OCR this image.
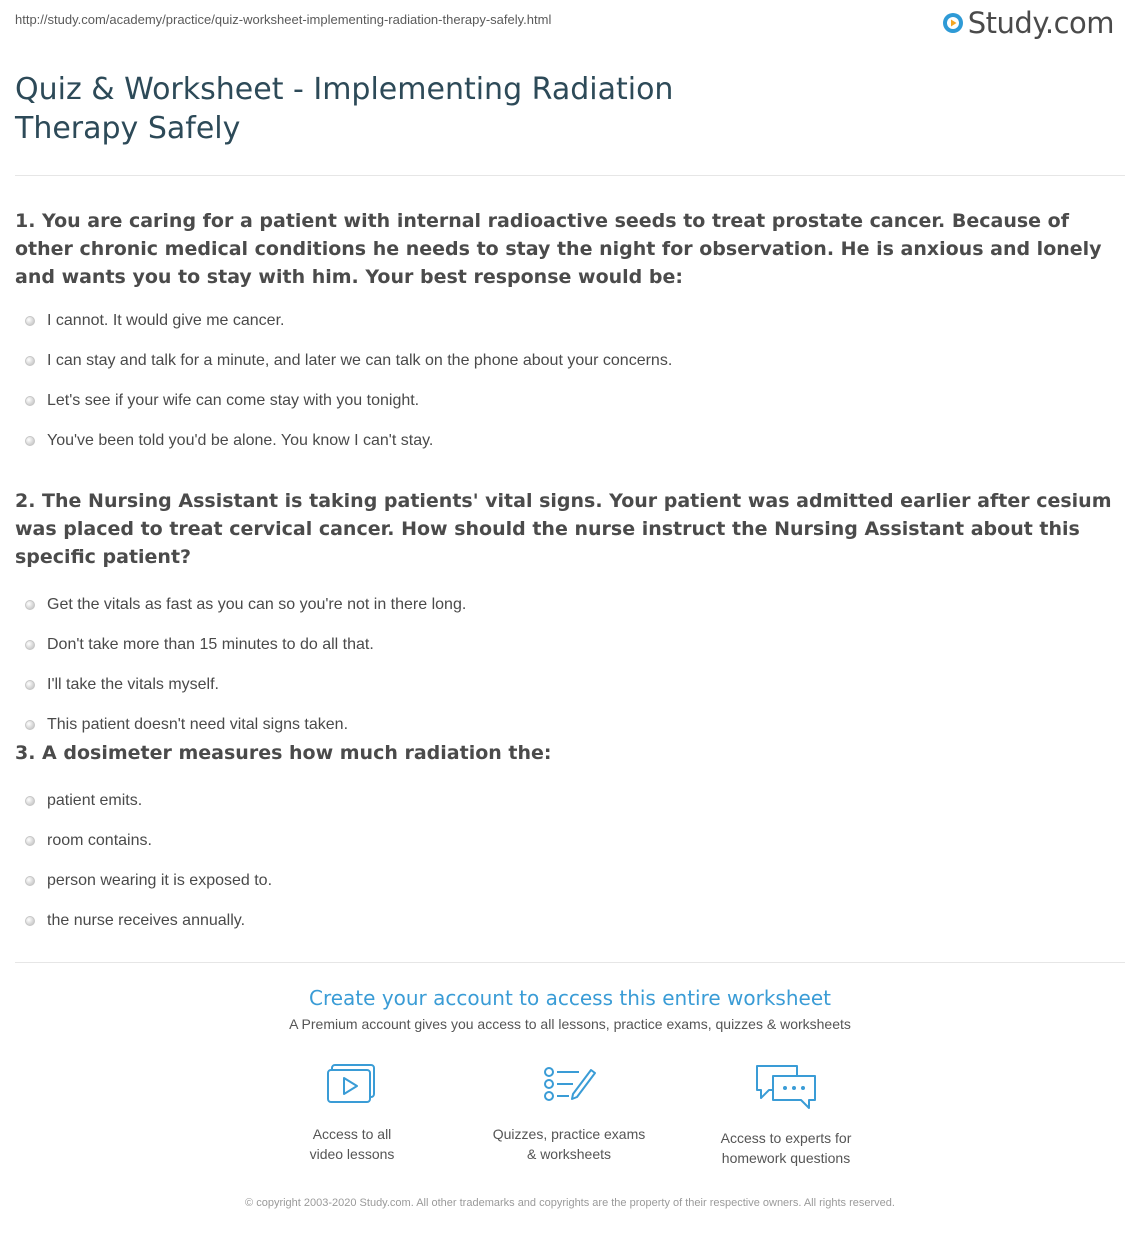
http://study.com/academy/practice/quiz-worksheet-implementing-radiation-therapy-safely.html	Study.com
Quiz & Worksheet - Implementing Radiation Therapy Safely

1. You are caring for a patient with internal radioactive seeds to treat prostate cancer. Because of other chronic medical conditions he needs to stay the night for observation. He is anxious and lonely and wants you to stay with him. Your best response would be:

I cannot. It would give me cancer.
I can stay and talk for a minute, and later we can talk on the phone about your concerns.
Let's see if your wife can come stay with you tonight.
You've been told you'd be alone. You know I can't stay.

2. The Nursing Assistant is taking patients' vital signs. Your patient was admitted earlier after cesium was placed to treat cervical cancer. How should the nurse instruct the Nursing Assistant about this specific patient?

Get the vitals as fast as you can so you're not in there long.
Don't take more than 15 minutes to do all that.
I'll take the vitals myself.
This patient doesn't need vital signs taken.

3. A dosimeter measures how much radiation the:

patient emits.
room contains.
person wearing it is exposed to.
the nurse receives annually.

Create your account to access this entire worksheet

A Premium account gives you access to all lessons, practice exams, quizzes & worksheets
Access to all
video lessons
Quizzes, practice exams
& worksheets
Access to experts for
homework questions
© copyright 2003-2020 Study.com. All other trademarks and copyrights are the property of their respective owners. All rights reserved.
